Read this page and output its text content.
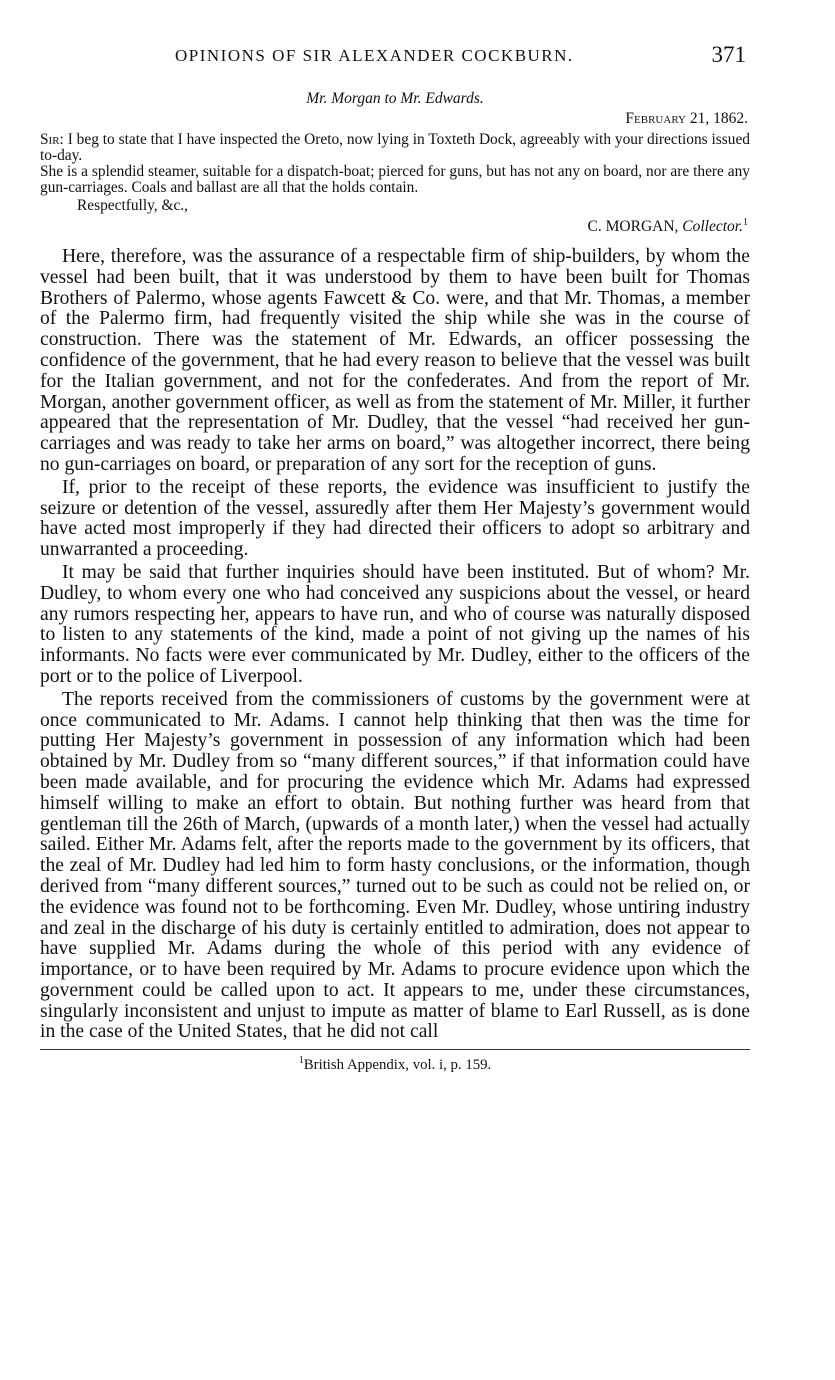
OPINIONS OF SIR ALEXANDER COCKBURN.	371
Mr. Morgan to Mr. Edwards.
February 21, 1862.

Sir: I beg to state that I have inspected the Oreto, now lying in Toxteth Dock, agreeably with your directions issued to-day.

She is a splendid steamer, suitable for a dispatch-boat; pierced for guns, but has not any on board, nor are there any gun-carriages. Coals and ballast are all that the holds contain.

Respectfully, &c.,
C. MORGAN, Collector.$^1$

Here, therefore, was the assurance of a respectable firm of ship-builders, by whom the vessel had been built, that it was understood by them to have been built for Thomas Brothers of Palermo, whose agents Fawcett & Co. were, and that Mr. Thomas, a member of the Palermo firm, had frequently visited the ship while she was in the course of construction. There was the statement of Mr. Edwards, an officer possessing the confidence of the government, that he had every reason to believe that the vessel was built for the Italian government, and not for the confederates. And from the report of Mr. Morgan, another government officer, as well as from the statement of Mr. Miller, it further appeared that the representation of Mr. Dudley, that the vessel “had received her gun-carriages and was ready to take her arms on board,” was altogether incorrect, there being no gun-carriages on board, or preparation of any sort for the reception of guns.

If, prior to the receipt of these reports, the evidence was insufficient to justify the seizure or detention of the vessel, assuredly after them Her Majesty’s government would have acted most improperly if they had directed their officers to adopt so arbitrary and unwarranted a proceeding.

It may be said that further inquiries should have been instituted. But of whom? Mr. Dudley, to whom every one who had conceived any suspicions about the vessel, or heard any rumors respecting her, appears to have run, and who of course was naturally disposed to listen to any statements of the kind, made a point of not giving up the names of his informants. No facts were ever communicated by Mr. Dudley, either to the officers of the port or to the police of Liverpool.

The reports received from the commissioners of customs by the government were at once communicated to Mr. Adams. I cannot help thinking that then was the time for putting Her Majesty’s government in possession of any information which had been obtained by Mr. Dudley from so “many different sources,” if that information could have been made available, and for procuring the evidence which Mr. Adams had expressed himself willing to make an effort to obtain. But nothing further was heard from that gentleman till the 26th of March, (upwards of a month later,) when the vessel had actually sailed. Either Mr. Adams felt, after the reports made to the government by its officers, that the zeal of Mr. Dudley had led him to form hasty conclusions, or the information, though derived from “many different sources,” turned out to be such as could not be relied on, or the evidence was found not to be forthcoming. Even Mr. Dudley, whose untiring industry and zeal in the discharge of his duty is certainly entitled to admiration, does not appear to have supplied Mr. Adams during the whole of this period with any evidence of importance, or to have been required by Mr. Adams to procure evidence upon which the government could be called upon to act. It appears to me, under these circumstances, singularly inconsistent and unjust to impute as matter of blame to Earl Russell, as is done in the case of the United States, that he did not call

$^1$British Appendix, vol. i, p. 159.
